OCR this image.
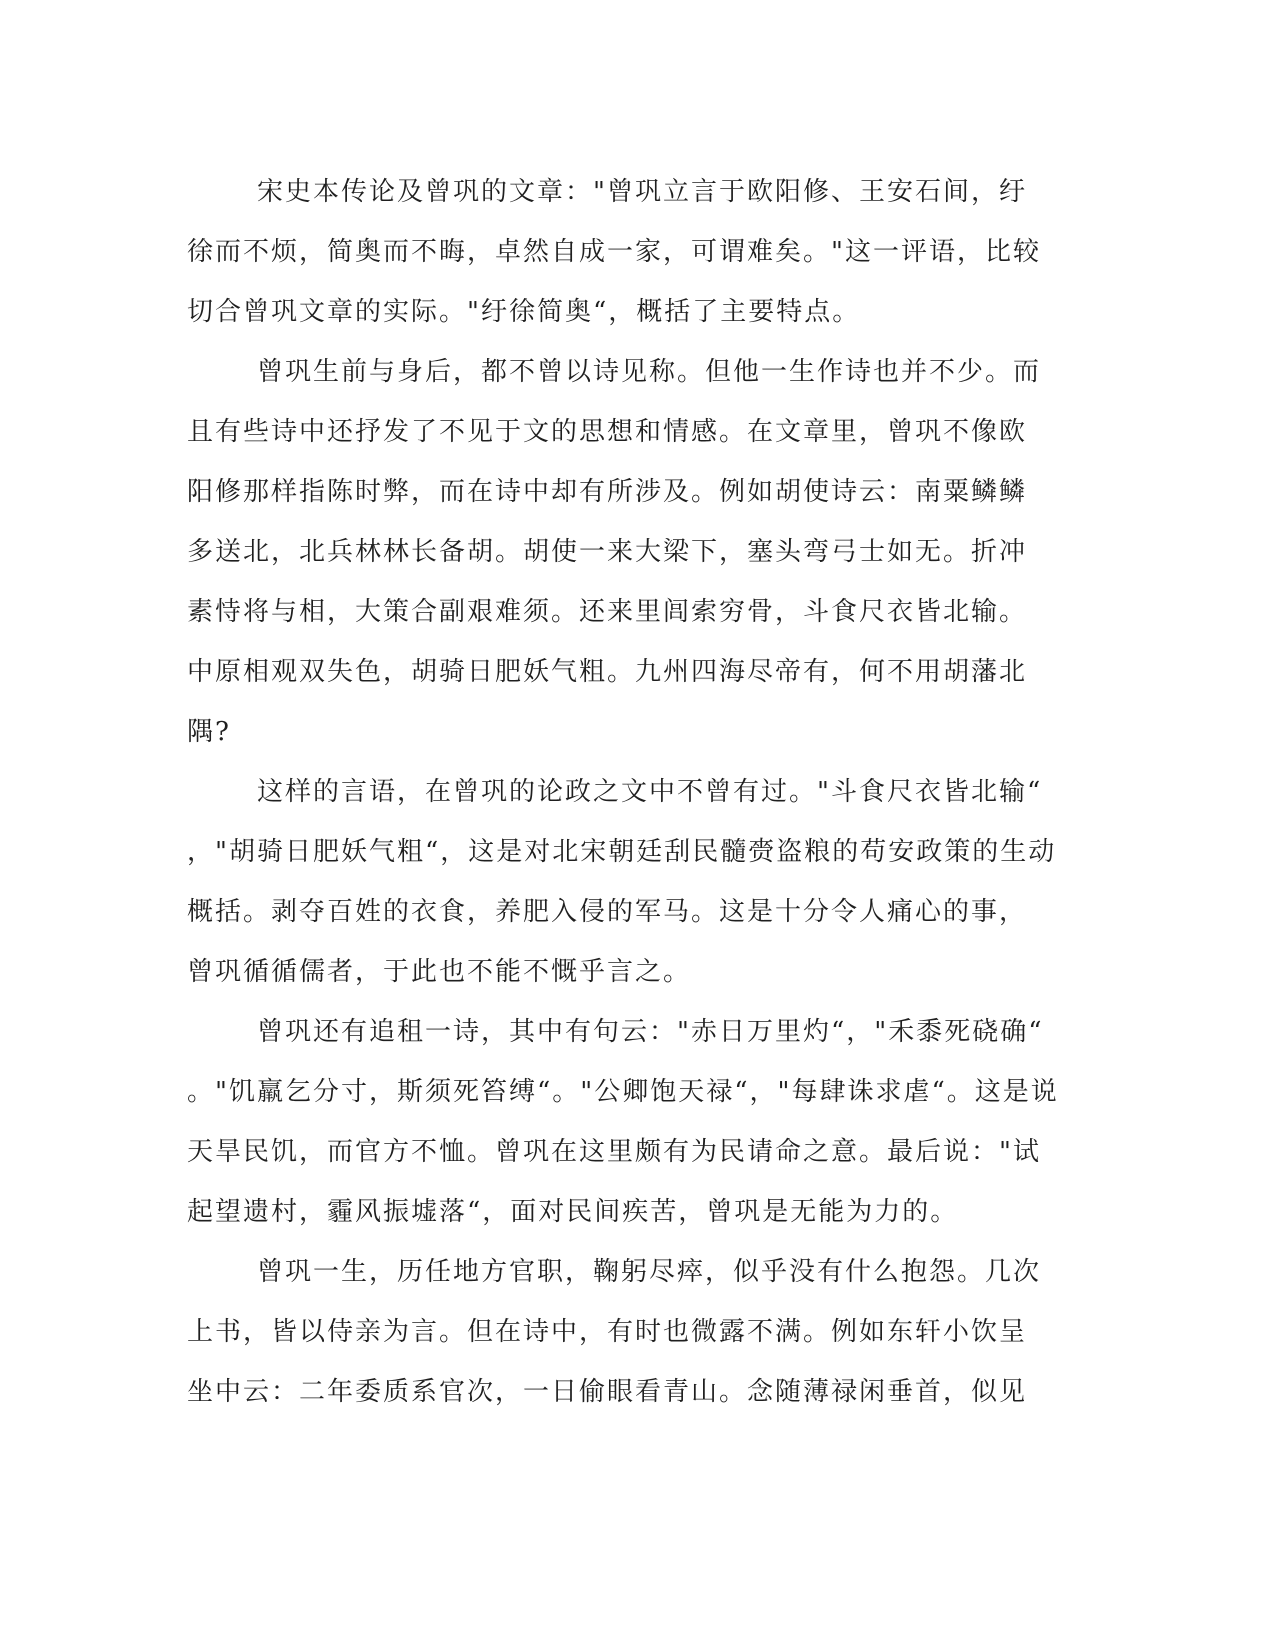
宋史本传论及曾巩的文章："曾巩立言于欧阳修、王安石间，纡
徐而不烦，简奥而不晦，卓然自成一家，可谓难矣。"这一评语，比较
切合曾巩文章的实际。"纡徐简奥“，概括了主要特点。
曾巩生前与身后，都不曾以诗见称。但他一生作诗也并不少。而
且有些诗中还抒发了不见于文的思想和情感。在文章里，曾巩不像欧
阳修那样指陈时弊，而在诗中却有所涉及。例如胡使诗云：南粟鳞鳞
多送北，北兵林林长备胡。胡使一来大梁下，塞头弯弓士如无。折冲
素恃将与相，大策合副艰难须。还来里闾索穷骨，斗食尺衣皆北输。
中原相观双失色，胡骑日肥妖气粗。九州四海尽帝有，何不用胡藩北
隅?
这样的言语，在曾巩的论政之文中不曾有过。"斗食尺衣皆北输“
，"胡骑日肥妖气粗“，这是对北宋朝廷刮民髓赍盗粮的苟安政策的生动
概括。剥夺百姓的衣食，养肥入侵的军马。这是十分令人痛心的事，
曾巩循循儒者，于此也不能不慨乎言之。
曾巩还有追租一诗，其中有句云："赤日万里灼“，"禾黍死硗确“
。"饥羸乞分寸，斯须死笞缚“。"公卿饱天禄“，"每肆诛求虐“。这是说
天旱民饥，而官方不恤。曾巩在这里颇有为民请命之意。最后说："试
起望遗村，霾风振墟落“，面对民间疾苦，曾巩是无能为力的。
曾巩一生，历任地方官职，鞠躬尽瘁，似乎没有什么抱怨。几次
上书，皆以侍亲为言。但在诗中，有时也微露不满。例如东轩小饮呈
坐中云：二年委质系官次，一日偷眼看青山。念随薄禄闲垂首，似见
